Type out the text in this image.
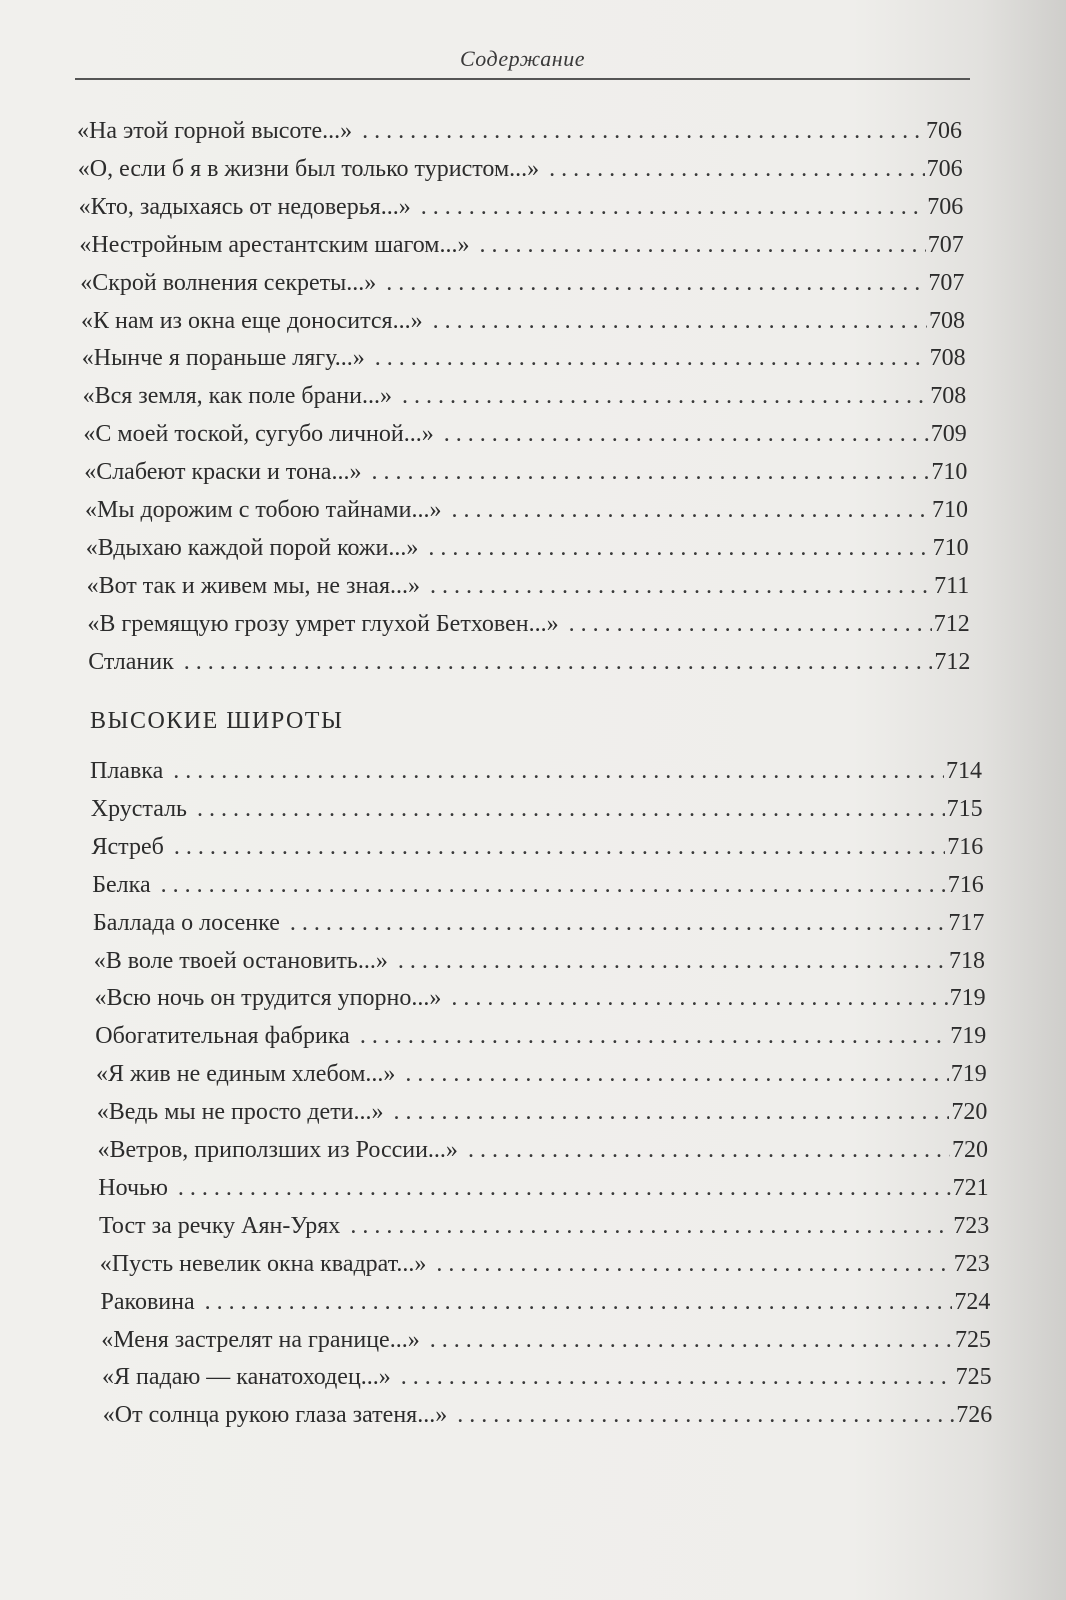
Содержание
«На этой горной высоте...» . . .	706
«О, если б я в жизни был только туристом...» . . .	706
«Кто, задыхаясь от недоверья...» . . .	706
«Нестройным арестантским шагом...» . . .	707
«Скрой волнения секреты...» . . .	707
«К нам из окна еще доносится...» . . .	708
«Нынче я пораньше лягу...» . . .	708
«Вся земля, как поле брани...» . . .	708
«С моей тоской, сугубо личной...» . . .	709
«Слабеют краски и тона...» . . .	710
«Мы дорожим с тобою тайнами...» . . .	710
«Вдыхаю каждой порой кожи...» . . .	710
«Вот так и живем мы, не зная...» . . .	711
«В гремящую грозу умрет глухой Бетховен...» . . .	712
Стланик . . .	712
ВЫСОКИЕ ШИРОТЫ
Плавка . . .	714
Хрусталь . . .	715
Ястреб . . .	716
Белка . . .	716
Баллада о лосенке . . .	717
«В воле твоей остановить...» . . .	718
«Всю ночь он трудится упорно...» . . .	719
Обогатительная фабрика . . .	719
«Я жив не единым хлебом...» . . .	719
«Ведь мы не просто дети...» . . .	720
«Ветров, приползших из России...» . . .	720
Ночью . . .	721
Тост за речку Аян-Урях . . .	723
«Пусть невелик окна квадрат...» . . .	723
Раковина . . .	724
«Меня застрелят на границе...» . . .	725
«Я падаю — канатоходец...» . . .	725
«От солнца рукою глаза затеня...» . . .	726
